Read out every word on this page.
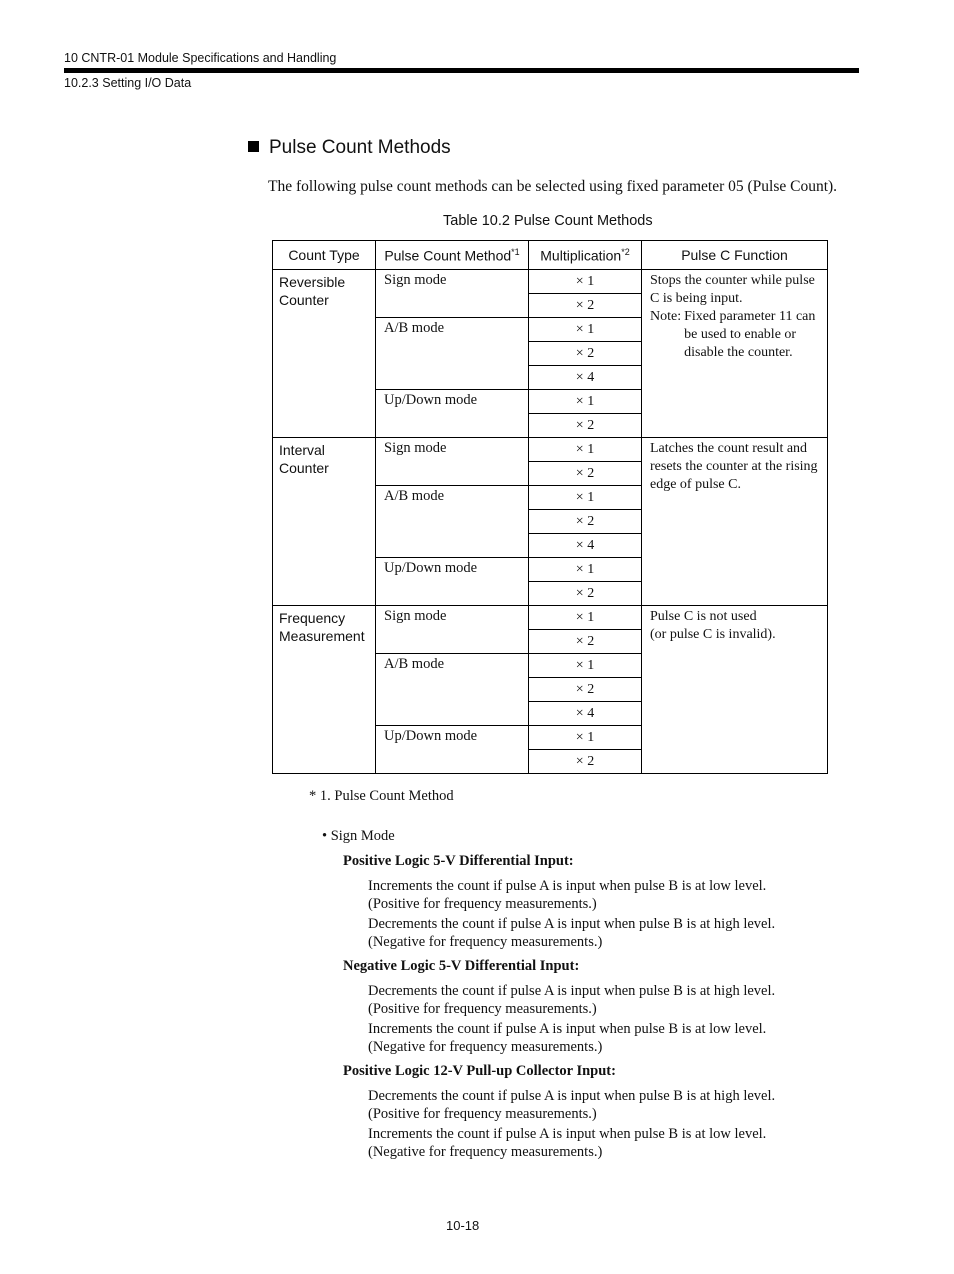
10 CNTR-01 Module Specifications and Handling
10.2.3 Setting I/O Data
Pulse Count Methods
The following pulse count methods can be selected using fixed parameter 05 (Pulse Count).
Table 10.2 Pulse Count Methods
Count Type	Pulse Count Method$^{*1}$	Multiplication$^{*2}$	Pulse C Function
Reversible Counter	Sign mode	× 1	Stops the counter while pulse C is being input.
Note: Fixed parameter 11 can be used to enable or disable the counter.

		× 2	
	A/B mode	× 1	
		× 2	
		× 4	
	Up/Down mode	× 1	
		× 2	
Interval Counter	Sign mode	× 1	Latches the count result and resets the counter at the rising edge of pulse C.
		× 2	
	A/B mode	× 1	
		× 2	
		× 4	
	Up/Down mode	× 1	
		× 2	
Frequency Measurement	Sign mode	× 1	Pulse C is not used
(or pulse C is invalid).

		× 2	
	A/B mode	× 1	
		× 2	
		× 4	
	Up/Down mode	× 1	
		× 2	
* 1. Pulse Count Method
• Sign Mode
Positive Logic 5-V Differential Input:
Increments the count if pulse A is input when pulse B is at low level.
(Positive for frequency measurements.)
Decrements the count if pulse A is input when pulse B is at high level.
(Negative for frequency measurements.)
Negative Logic 5-V Differential Input:
Decrements the count if pulse A is input when pulse B is at high level.
(Positive for frequency measurements.)
Increments the count if pulse A is input when pulse B is at low level.
(Negative for frequency measurements.)
Positive Logic 12-V Pull-up Collector Input:
Decrements the count if pulse A is input when pulse B is at high level.
(Positive for frequency measurements.)
Increments the count if pulse A is input when pulse B is at low level.
(Negative for frequency measurements.)
10-18
